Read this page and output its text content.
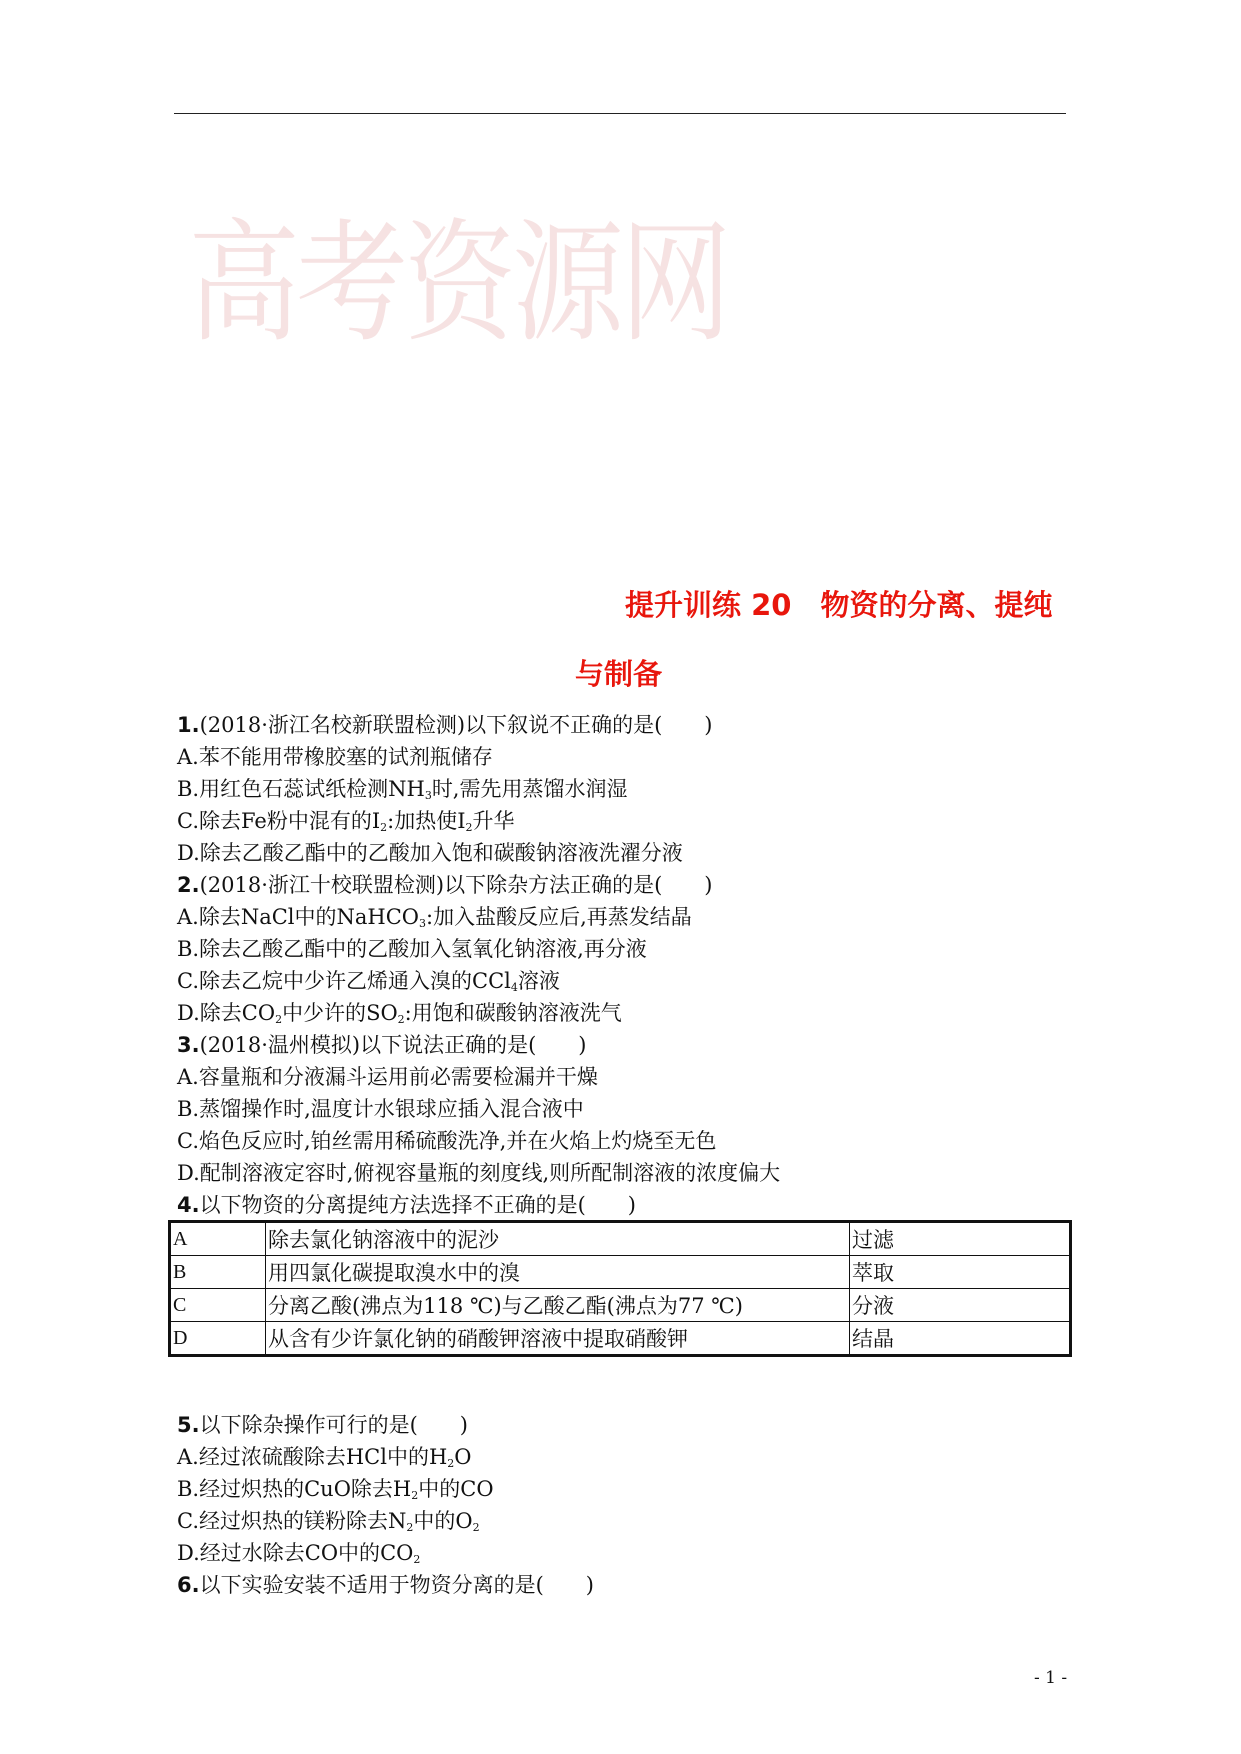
高考资源网
提升训练 20　物资的分离、提纯
与制备
1.(2018·浙江名校新联盟检测)以下叙说不正确的是(　　)
A.苯不能用带橡胶塞的试剂瓶储存
B.用红色石蕊试纸检测$NH_3$时,需先用蒸馏水润湿
C.除去Fe粉中混有的$I_2$:加热使$I_2$升华
D.除去乙酸乙酯中的乙酸加入饱和碳酸钠溶液洗濯分液
2.(2018·浙江十校联盟检测)以下除杂方法正确的是(　　)
A.除去NaCl中的NaHCO$_3$:加入盐酸反应后,再蒸发结晶
B.除去乙酸乙酯中的乙酸加入氢氧化钠溶液,再分液
C.除去乙烷中少许乙烯通入溴的CCl$_4$溶液
D.除去$CO_2$中少许的$SO_2$:用饱和碳酸钠溶液洗气
3.(2018·温州模拟)以下说法正确的是(　　)
A.容量瓶和分液漏斗运用前必需要检漏并干燥
B.蒸馏操作时,温度计水银球应插入混合液中
C.焰色反应时,铂丝需用稀硫酸洗净,并在火焰上灼烧至无色
D.配制溶液定容时,俯视容量瓶的刻度线,则所配制溶液的浓度偏大
4.以下物资的分离提纯方法选择不正确的是(　　)
A	除去氯化钠溶液中的泥沙	过滤
B	用四氯化碳提取溴水中的溴	萃取
C	分离乙酸(沸点为118 ℃)与乙酸乙酯(沸点为77 ℃)	分液
D	从含有少许氯化钠的硝酸钾溶液中提取硝酸钾	结晶
5.以下除杂操作可行的是(　　)
A.经过浓硫酸除去HCl中的$H_2O$
B.经过炽热的CuO除去$H_2$中的CO
C.经过炽热的镁粉除去$N_2$中的$O_2$
D.经过水除去CO中的$CO_2$
6.以下实验安装不适用于物资分离的是(　　)
- 1 -
